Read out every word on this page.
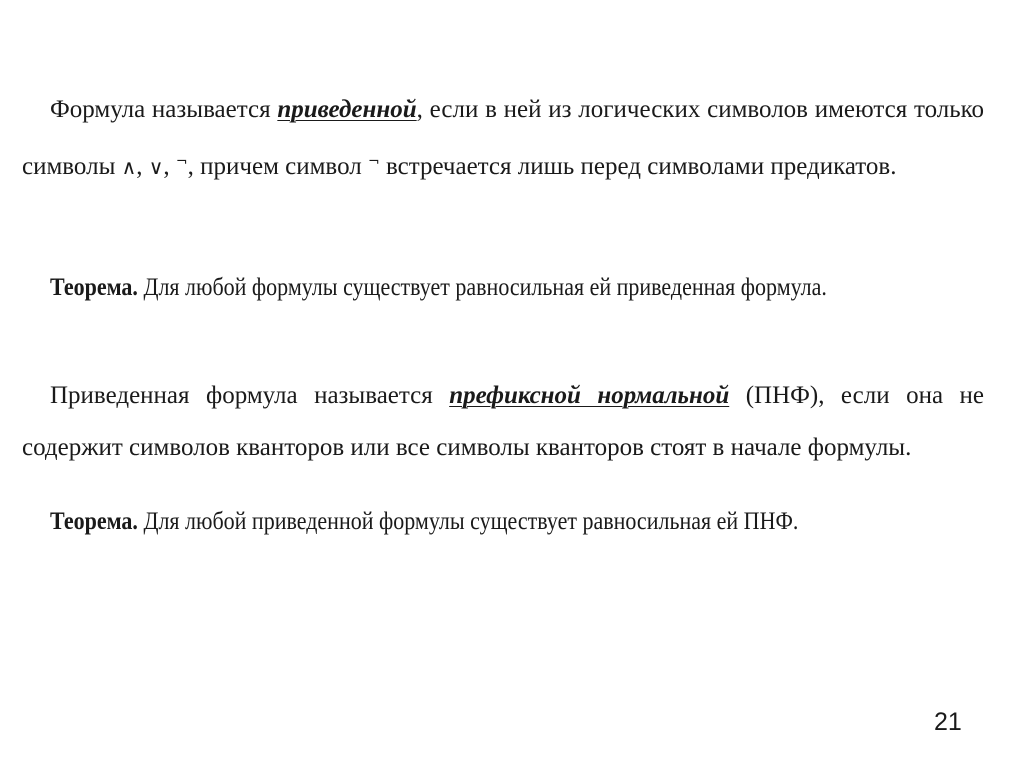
Формула называется приведенной, если в ней из логических символов имеются только символы ∧, ∨, ¬, причем символ ¬ встречается лишь перед символами предикатов.

Теорема. Для любой формулы существует равносильная ей приведенная формула.

Приведенная формула называется префиксной нормальной (ПНФ), если она не содержит символов кванторов или все символы кванторов стоят в начале формулы.

Теорема. Для любой приведенной формулы существует равносильная ей ПНФ.

21
